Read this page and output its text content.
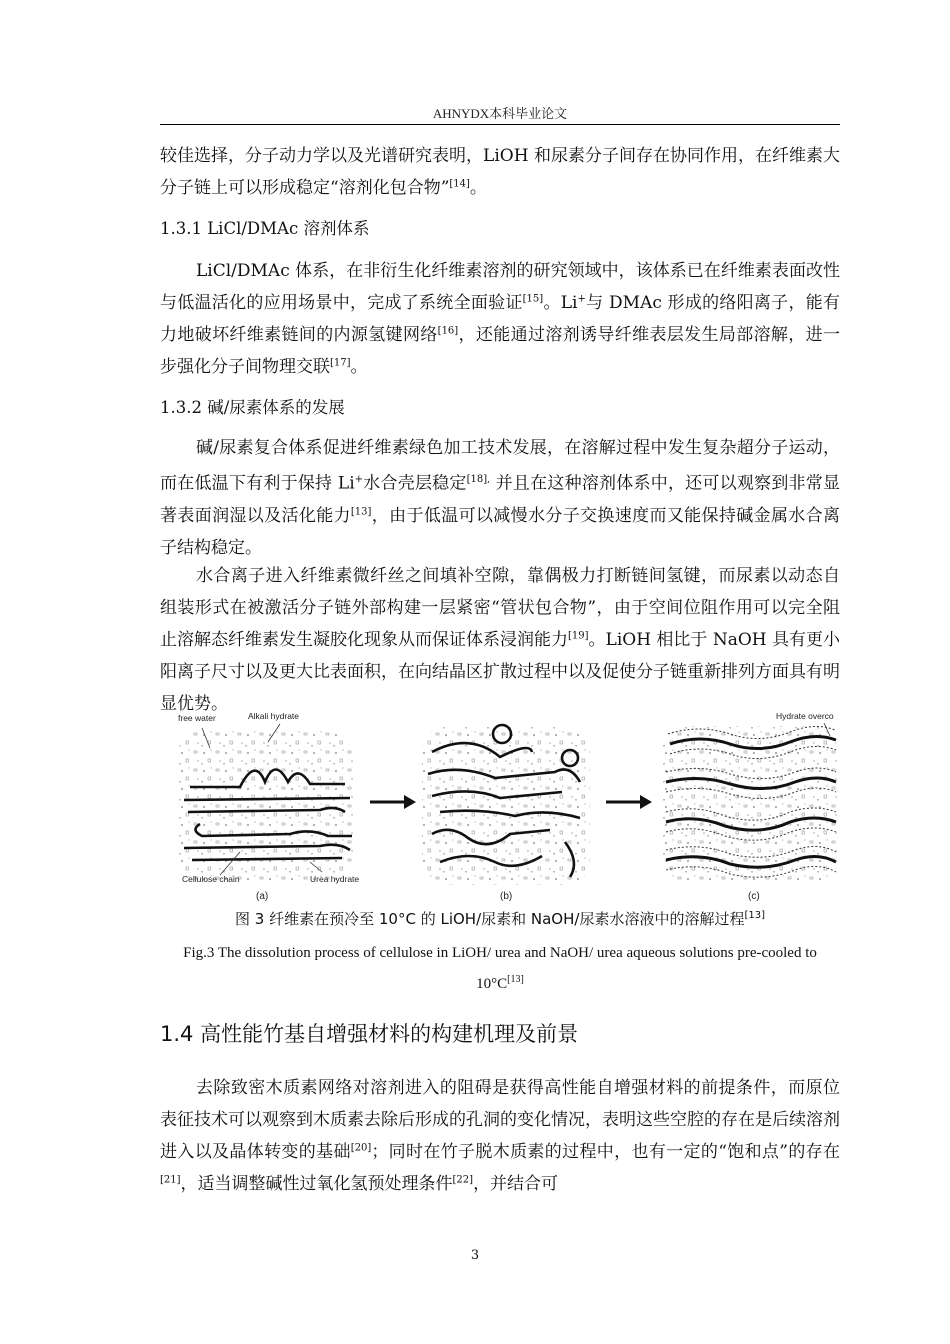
AHNYDX本科毕业论文

较佳选择，分子动力学以及光谱研究表明，LiOH 和尿素分子间存在协同作用，在纤维素大分子链上可以形成稳定“溶剂化包合物”[14]。

1.3.1 LiCl/DMAc 溶剂体系

LiCl/DMAc 体系，在非衍生化纤维素溶剂的研究领域中，该体系已在纤维素表面改性与低温活化的应用场景中，完成了系统全面验证[15]。Li+与 DMAc 形成的络阳离子，能有力地破坏纤维素链间的内源氢键网络[16]，还能通过溶剂诱导纤维表层发生局部溶解，进一步强化分子间物理交联[17]。

1.3.2 碱/尿素体系的发展

碱/尿素复合体系促进纤维素绿色加工技术发展，在溶解过程中发生复杂超分子运动，而在低温下有利于保持 Li+水合壳层稳定$^{[18],}$ 并且在这种溶剂体系中，还可以观察到非常显著表面润湿以及活化能力[13]，由于低温可以减慢水分子交换速度而又能保持碱金属水合离子结构稳定。

水合离子进入纤维素微纤丝之间填补空隙，靠偶极力打断链间氢键，而尿素以动态自组装形式在被激活分子链外部构建一层紧密“管状包合物”，由于空间位阻作用可以完全阻止溶解态纤维素发生凝胶化现象从而保证体系浸润能力[19]。LiOH 相比于 NaOH 具有更小阳离子尺寸以及更大比表面积，在向结晶区扩散过程中以及促使分子链重新排列方面具有明显优势。

free water	Alkali hydrate
Cellulose chain	Urea hydrate
Hydrate overco
(a)	(b)	(c)
图 3 纤维素在预冷至 10°C 的 LiOH/尿素和 NaOH/尿素水溶液中的溶解过程[13]
Fig.3 The dissolution process of cellulose in LiOH/ urea and NaOH/ urea aqueous solutions pre-cooled to 10°C[13]
1.4 高性能竹基自增强材料的构建机理及前景

去除致密木质素网络对溶剂进入的阻碍是获得高性能自增强材料的前提条件，而原位表征技术可以观察到木质素去除后形成的孔洞的变化情况，表明这些空腔的存在是后续溶剂进入以及晶体转变的基础[20]；同时在竹子脱木质素的过程中，也有一定的“饱和点”的存在[21]，适当调整碱性过氧化氢预处理条件[22]，并结合可

3
